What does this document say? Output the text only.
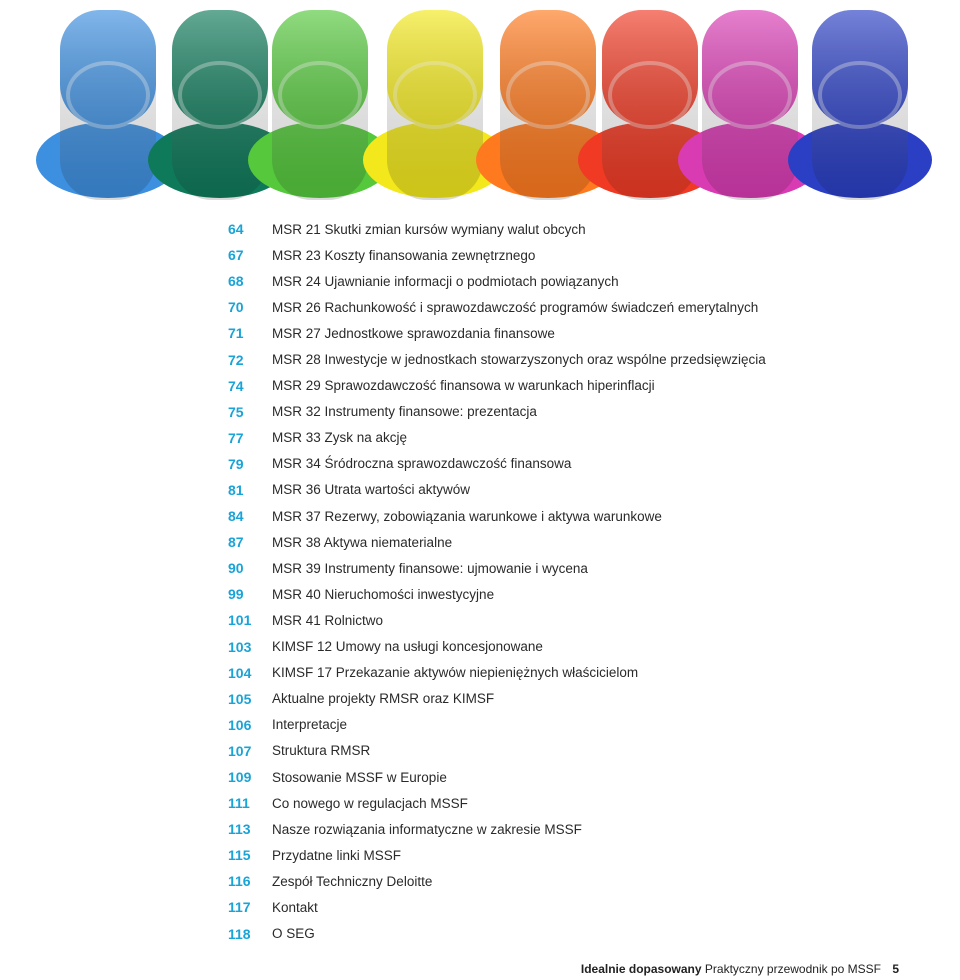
64	MSR 21 Skutki zmian kursów wymiany walut obcych
67	MSR 23 Koszty finansowania zewnętrznego
68	MSR 24 Ujawnianie informacji o podmiotach powiązanych
70	MSR 26 Rachunkowość i sprawozdawczość programów świadczeń emerytalnych
71	MSR 27 Jednostkowe sprawozdania finansowe
72	MSR 28 Inwestycje w jednostkach stowarzyszonych oraz wspólne przedsięwzięcia
74	MSR 29 Sprawozdawczość finansowa w warunkach hiperinflacji
75	MSR 32 Instrumenty finansowe: prezentacja
77	MSR 33 Zysk na akcję
79	MSR 34 Śródroczna sprawozdawczość finansowa
81	MSR 36 Utrata wartości aktywów
84	MSR 37 Rezerwy, zobowiązania warunkowe i aktywa warunkowe
87	MSR 38 Aktywa niematerialne
90	MSR 39 Instrumenty finansowe: ujmowanie i wycena
99	MSR 40 Nieruchomości inwestycyjne
101	MSR 41 Rolnictwo
103	KIMSF 12 Umowy na usługi koncesjonowane
104	KIMSF 17 Przekazanie aktywów niepieniężnych właścicielom
105	Aktualne projekty RMSR oraz KIMSF
106	Interpretacje
107	Struktura RMSR
109	Stosowanie MSSF w Europie
111	Co nowego w regulacjach MSSF
113	Nasze rozwiązania informatyczne w zakresie MSSF
115	Przydatne linki MSSF
116	Zespół Techniczny Deloitte
117	Kontakt
118	O SEG
Idealnie dopasowany Praktyczny przewodnik po MSSF 5
